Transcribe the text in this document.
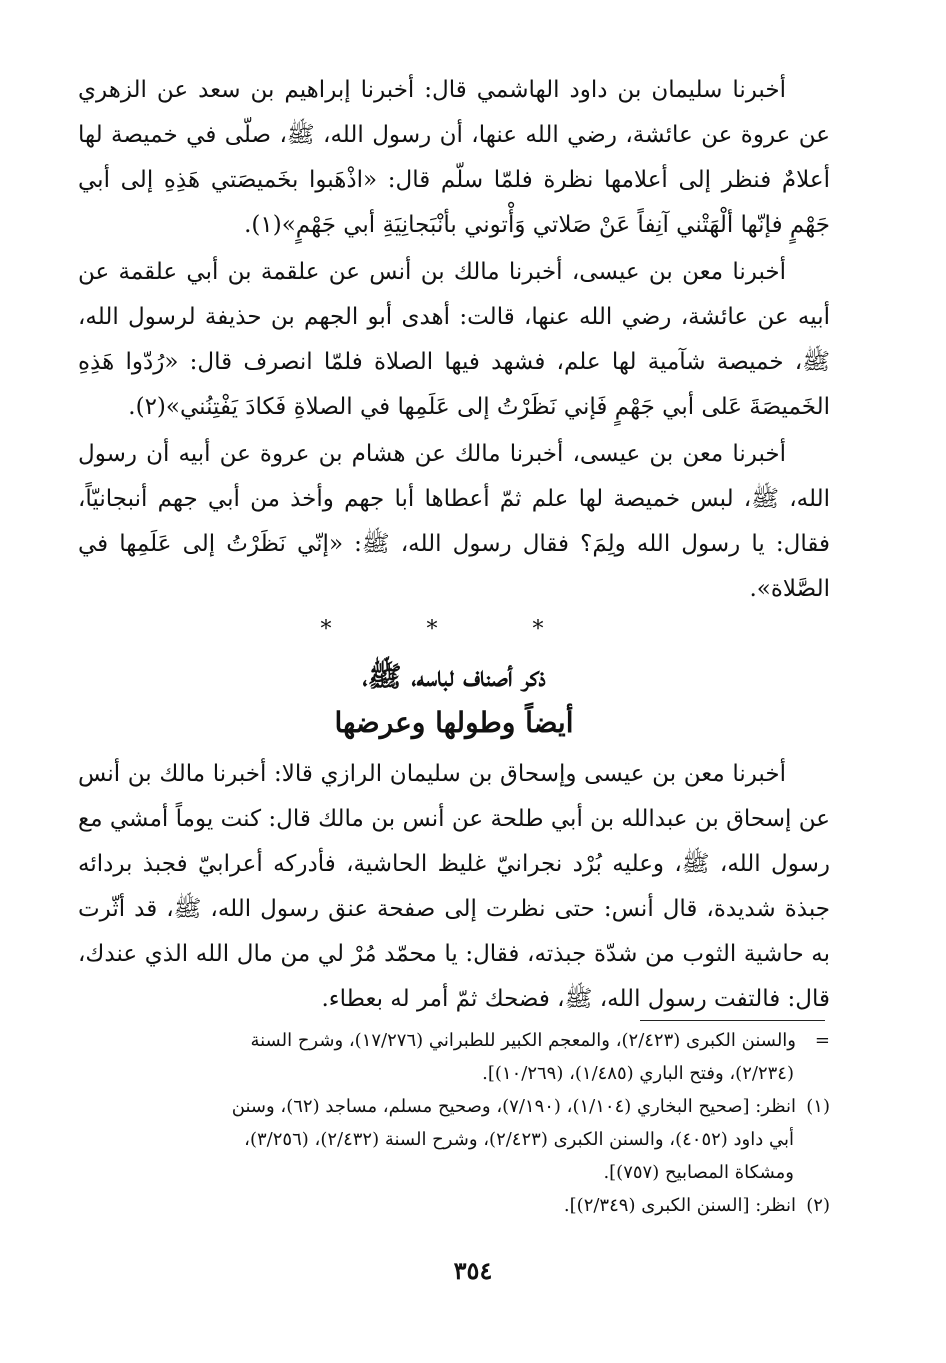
أخبرنا سليمان بن داود الهاشمي قال: أخبرنا إبراهيم بن سعد عن الزهري عن عروة عن عائشة، رضي الله عنها، أن رسول الله، ﷺ، صلّى في خميصة لها أعلامٌ فنظر إلى أعلامها نظرة فلمّا سلّم قال: «اذْهَبوا بخَميصَتي هَذِهِ إلى أبي جَهْمٍ فإنّها ألْهَتْني آنِفاً عَنْ صَلاتي وَأْتوني بأنْبَجانِيَةِ أبي جَهْمٍ»(١).

أخبرنا معن بن عيسى، أخبرنا مالك بن أنس عن علقمة بن أبي علقمة عن أبيه عن عائشة، رضي الله عنها، قالت: أهدى أبو الجهم بن حذيفة لرسول الله، ﷺ، خميصة شآمية لها علم، فشهد فيها الصلاة فلمّا انصرف قال: «رُدّوا هَذِهِ الخَميصَةَ عَلى أبي جَهْمٍ فَإني نَظَرْتُ إلى عَلَمِها في الصلاةِ فَكادَ يَفْتِنُني»(٢).

أخبرنا معن بن عيسى، أخبرنا مالك عن هشام بن عروة عن أبيه أن رسول الله، ﷺ، لبس خميصة لها علم ثمّ أعطاها أبا جهم وأخذ من أبي جهم أنبجانيّاً، فقال: يا رسول الله ولِمَ؟ فقال رسول الله، ﷺ: «إنّي نَظَرْتُ إلى عَلَمِها في الصَّلاة».

* * *
ذكر أصناف لباسه، ﷺ،
أيضاً وطولها وعرضها

أخبرنا معن بن عيسى وإسحاق بن سليمان الرازي قالا: أخبرنا مالك بن أنس عن إسحاق بن عبدالله بن أبي طلحة عن أنس بن مالك قال: كنت يوماً أمشي مع رسول الله، ﷺ، وعليه بُرْد نجرانيّ غليظ الحاشية، فأدركه أعرابيّ فجبذ بردائه جبذة شديدة، قال أنس: حتى نظرت إلى صفحة عنق رسول الله، ﷺ، قد أثّرت به حاشية الثوب من شدّة جبذته، فقال: يا محمّد مُرْ لي من مال الله الذي عندك، قال: فالتفت رسول الله، ﷺ، فضحك ثمّ أمر له بعطاء.

=والسنن الكبرى (٢/٤٢٣)، والمعجم الكبير للطبراني (١٧/٢٧٦)، وشرح السنة

(٢/٢٣٤)، وفتح الباري (١/٤٨٥)، (١٠/٢٦٩)].

(١)انظر: [صحيح البخاري (١/١٠٤)، (٧/١٩٠)، وصحيح مسلم، مساجد (٦٢)، وسنن

أبي داود (٤٠٥٢)، والسنن الكبرى (٢/٤٢٣)، وشرح السنة (٢/٤٣٢)، (٣/٢٥٦)،

ومشكاة المصابيح (٧٥٧)].

(٢)انظر: [السنن الكبرى (٢/٣٤٩)].

٣٥٤
